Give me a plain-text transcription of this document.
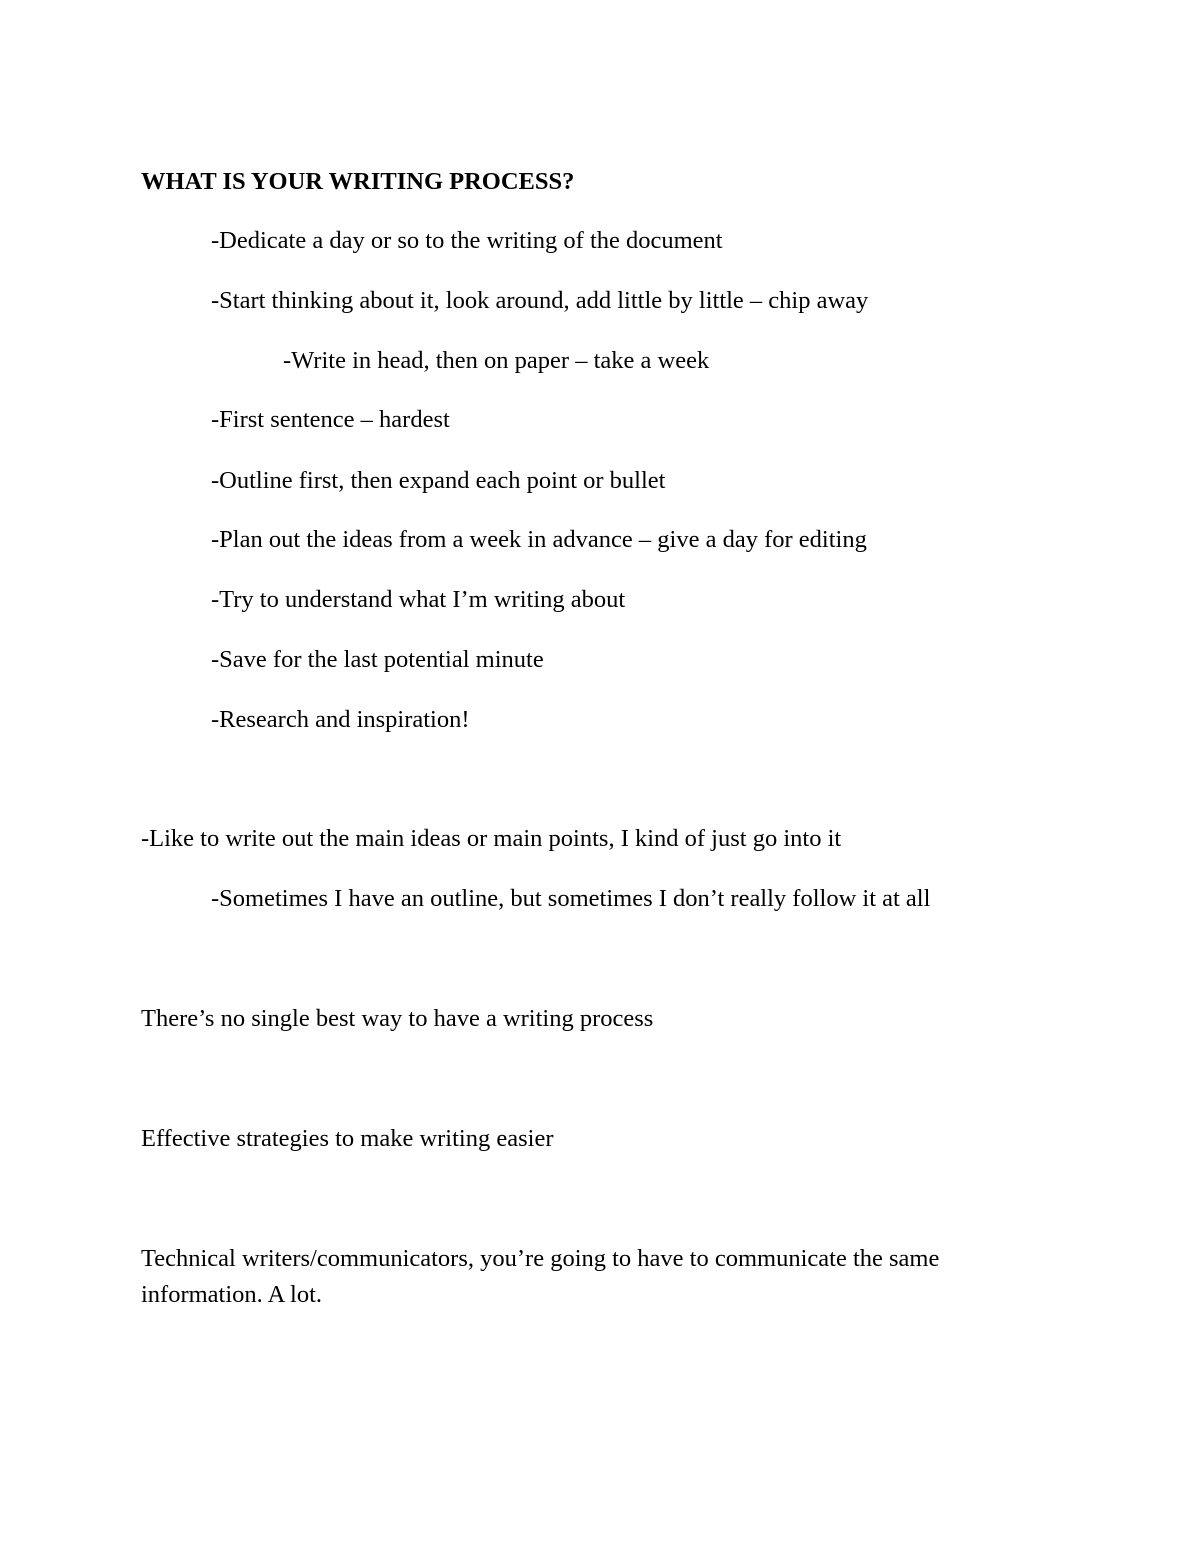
WHAT IS YOUR WRITING PROCESS?
-Dedicate a day or so to the writing of the document
-Start thinking about it, look around, add little by little – chip away
-Write in head, then on paper – take a week
-First sentence – hardest
-Outline first, then expand each point or bullet
-Plan out the ideas from a week in advance – give a day for editing
-Try to understand what I’m writing about
-Save for the last potential minute
-Research and inspiration!
-Like to write out the main ideas or main points, I kind of just go into it
-Sometimes I have an outline, but sometimes I don’t really follow it at all
There’s no single best way to have a writing process
Effective strategies to make writing easier
Technical writers/communicators, you’re going to have to communicate the same information. A lot.
